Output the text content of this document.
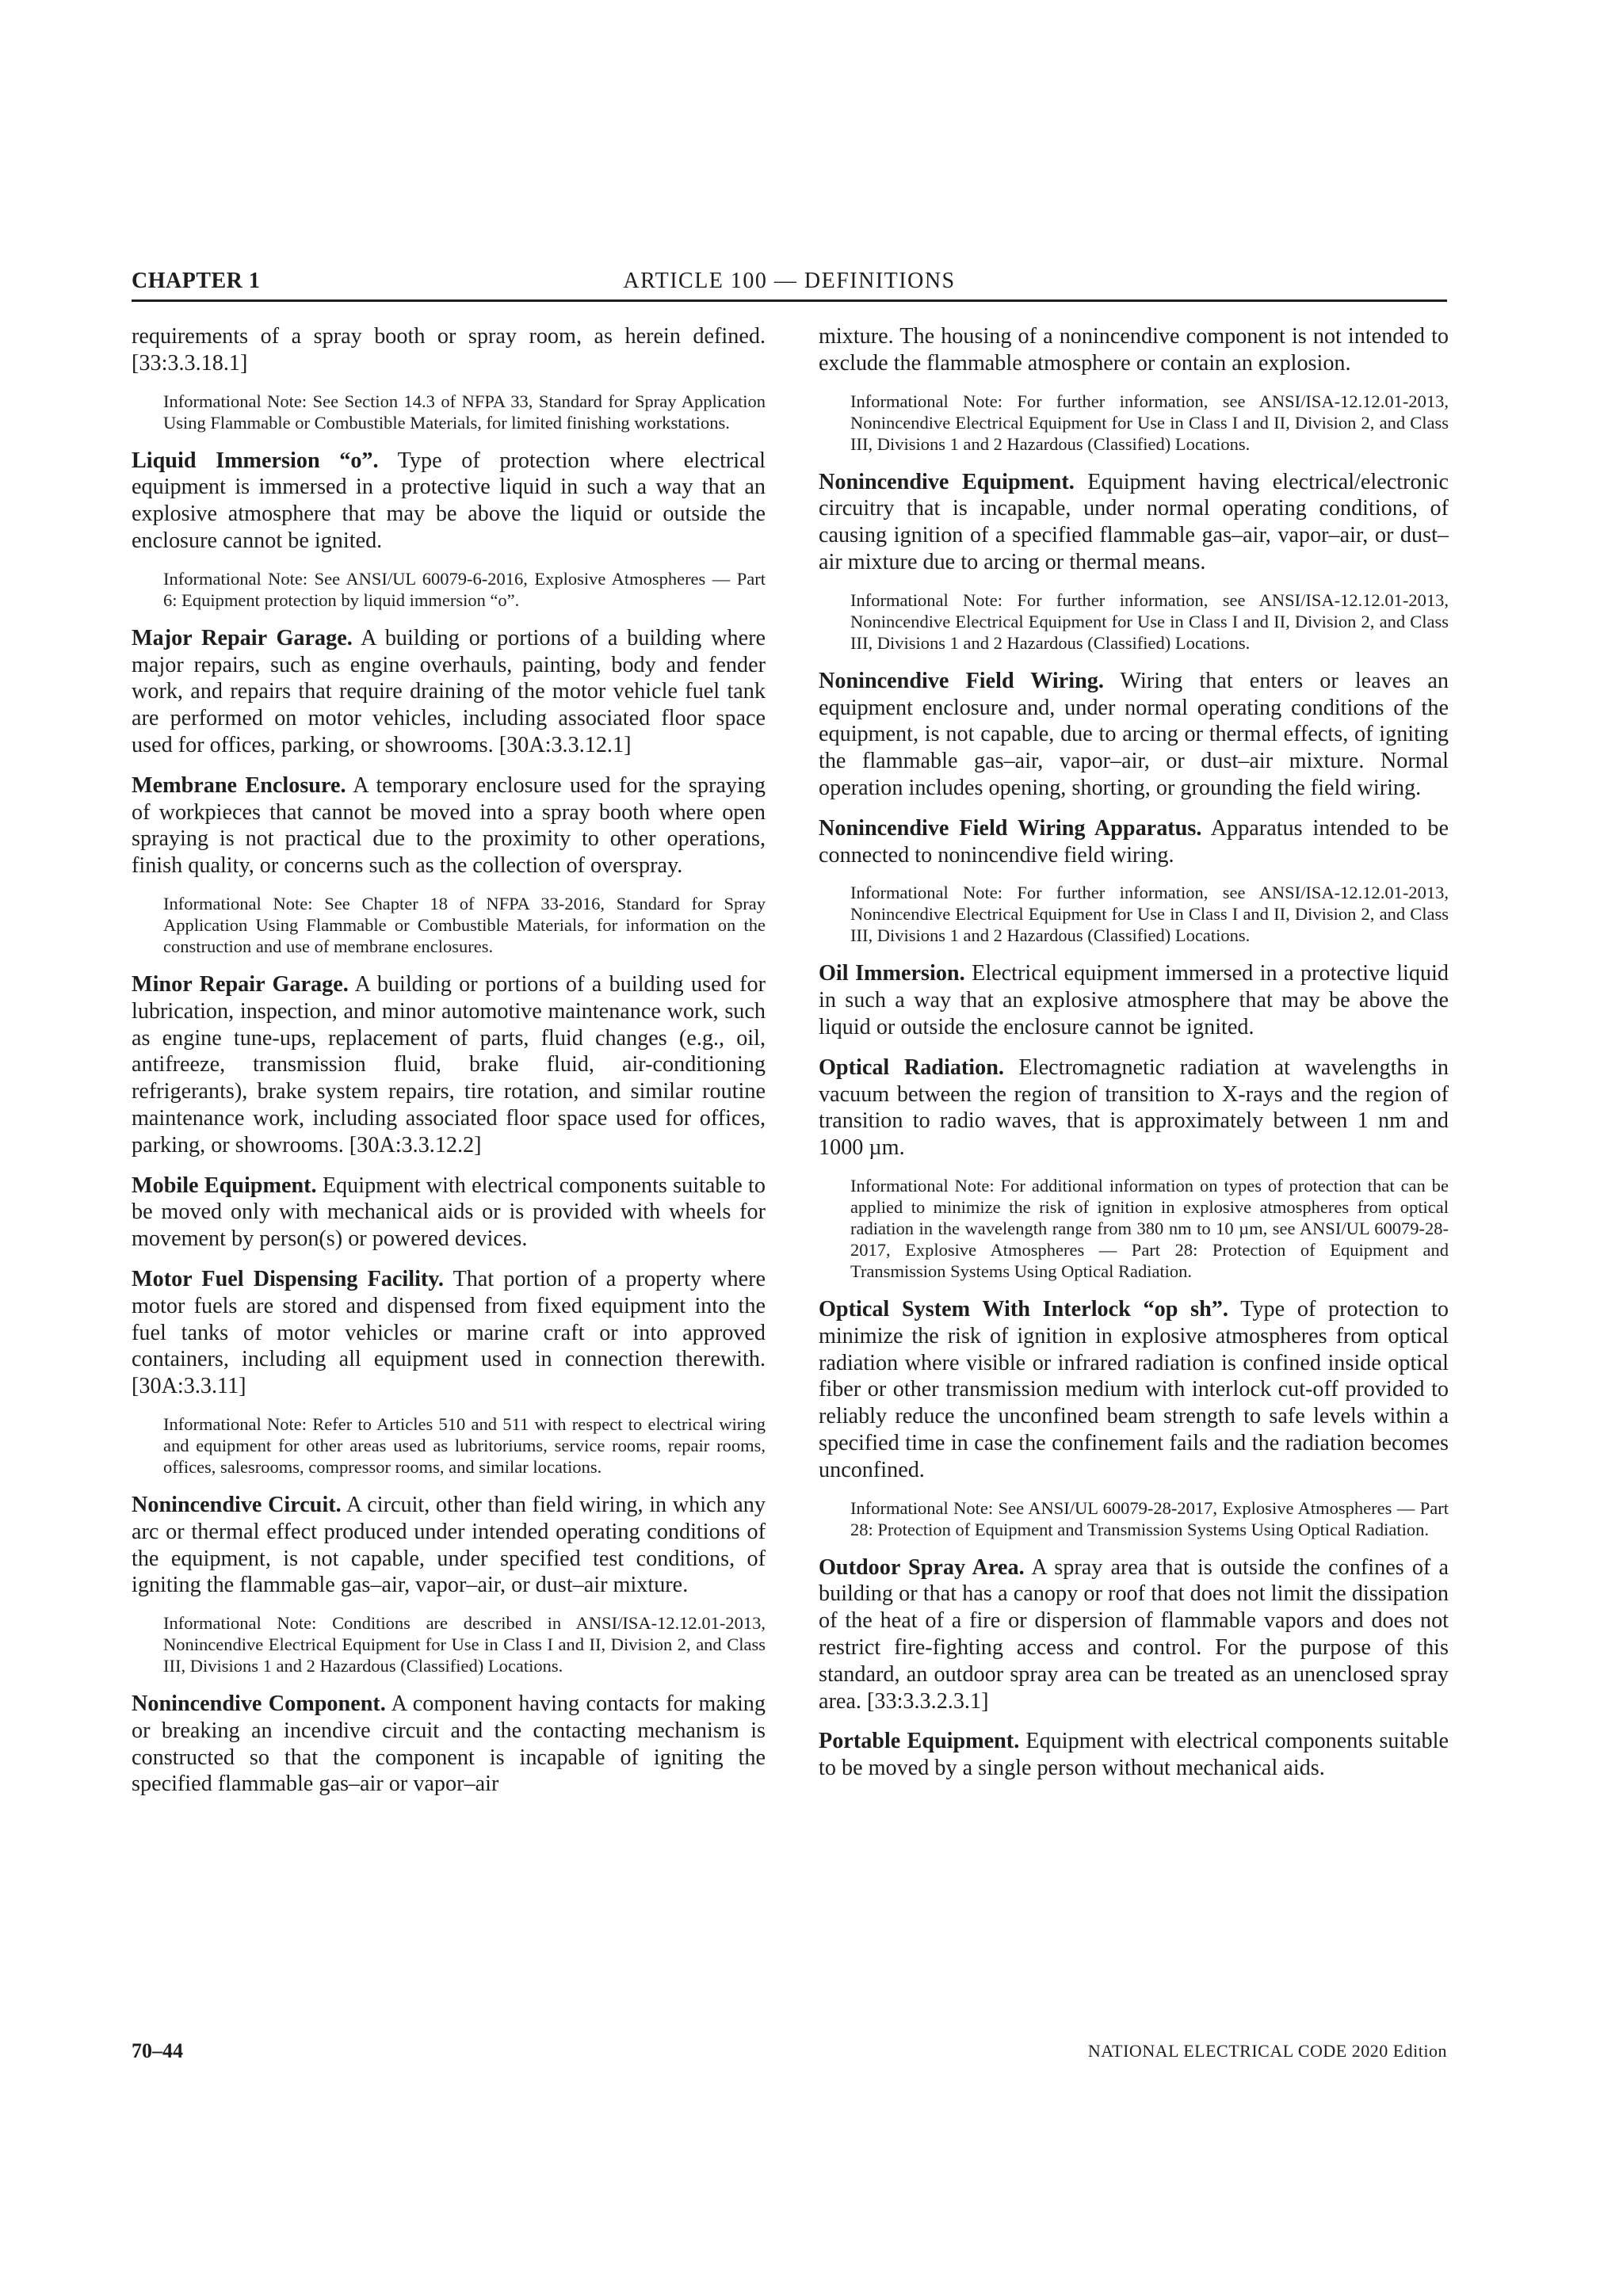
CHAPTER 1	ARTICLE 100 — DEFINITIONS

requirements of a spray booth or spray room, as herein defined. [33:3.3.18.1]

Informational Note: See Section 14.3 of NFPA 33, Standard for Spray Application Using Flammable or Combustible Materials, for limited finishing workstations.

Liquid Immersion “o”. Type of protection where electrical equipment is immersed in a protective liquid in such a way that an explosive atmosphere that may be above the liquid or outside the enclosure cannot be ignited.

Informational Note: See ANSI/UL 60079-6-2016, Explosive Atmospheres — Part 6: Equipment protection by liquid immersion “o”.

Major Repair Garage. A building or portions of a building where major repairs, such as engine overhauls, painting, body and fender work, and repairs that require draining of the motor vehicle fuel tank are performed on motor vehicles, including associated floor space used for offices, parking, or showrooms. [30A:3.3.12.1]

Membrane Enclosure. A temporary enclosure used for the spraying of workpieces that cannot be moved into a spray booth where open spraying is not practical due to the proximity to other operations, finish quality, or concerns such as the collection of overspray.

Informational Note: See Chapter 18 of NFPA 33-2016, Standard for Spray Application Using Flammable or Combustible Materials, for information on the construction and use of membrane enclosures.

Minor Repair Garage. A building or portions of a building used for lubrication, inspection, and minor automotive maintenance work, such as engine tune-ups, replacement of parts, fluid changes (e.g., oil, antifreeze, transmission fluid, brake fluid, air-conditioning refrigerants), brake system repairs, tire rotation, and similar routine maintenance work, including associated floor space used for offices, parking, or showrooms. [30A:3.3.12.2]

Mobile Equipment. Equipment with electrical components suitable to be moved only with mechanical aids or is provided with wheels for movement by person(s) or powered devices.

Motor Fuel Dispensing Facility. That portion of a property where motor fuels are stored and dispensed from fixed equipment into the fuel tanks of motor vehicles or marine craft or into approved containers, including all equipment used in connection therewith. [30A:3.3.11]

Informational Note: Refer to Articles 510 and 511 with respect to electrical wiring and equipment for other areas used as lubritoriums, service rooms, repair rooms, offices, salesrooms, compressor rooms, and similar locations.

Nonincendive Circuit. A circuit, other than field wiring, in which any arc or thermal effect produced under intended operating conditions of the equipment, is not capable, under specified test conditions, of igniting the flammable gas–air, vapor–air, or dust–air mixture.

Informational Note: Conditions are described in ANSI/ISA-12.12.01-2013, Nonincendive Electrical Equipment for Use in Class I and II, Division 2, and Class III, Divisions 1 and 2 Hazardous (Classified) Locations.

Nonincendive Component. A component having contacts for making or breaking an incendive circuit and the contacting mechanism is constructed so that the component is incapable of igniting the specified flammable gas–air or vapor–air

mixture. The housing of a nonincendive component is not intended to exclude the flammable atmosphere or contain an explosion.

Informational Note: For further information, see ANSI/ISA-12.12.01-2013, Nonincendive Electrical Equipment for Use in Class I and II, Division 2, and Class III, Divisions 1 and 2 Hazardous (Classified) Locations.

Nonincendive Equipment. Equipment having electrical/electronic circuitry that is incapable, under normal operating conditions, of causing ignition of a specified flammable gas–air, vapor–air, or dust–air mixture due to arcing or thermal means.

Informational Note: For further information, see ANSI/ISA-12.12.01-2013, Nonincendive Electrical Equipment for Use in Class I and II, Division 2, and Class III, Divisions 1 and 2 Hazardous (Classified) Locations.

Nonincendive Field Wiring. Wiring that enters or leaves an equipment enclosure and, under normal operating conditions of the equipment, is not capable, due to arcing or thermal effects, of igniting the flammable gas–air, vapor–air, or dust–air mixture. Normal operation includes opening, shorting, or grounding the field wiring.

Nonincendive Field Wiring Apparatus. Apparatus intended to be connected to nonincendive field wiring.

Informational Note: For further information, see ANSI/ISA-12.12.01-2013, Nonincendive Electrical Equipment for Use in Class I and II, Division 2, and Class III, Divisions 1 and 2 Hazardous (Classified) Locations.

Oil Immersion. Electrical equipment immersed in a protective liquid in such a way that an explosive atmosphere that may be above the liquid or outside the enclosure cannot be ignited.

Optical Radiation. Electromagnetic radiation at wavelengths in vacuum between the region of transition to X-rays and the region of transition to radio waves, that is approximately between 1 nm and 1000 µm.

Informational Note: For additional information on types of protection that can be applied to minimize the risk of ignition in explosive atmospheres from optical radiation in the wavelength range from 380 nm to 10 µm, see ANSI/UL 60079-28-2017, Explosive Atmospheres — Part 28: Protection of Equipment and Transmission Systems Using Optical Radiation.

Optical System With Interlock “op sh”. Type of protection to minimize the risk of ignition in explosive atmospheres from optical radiation where visible or infrared radiation is confined inside optical fiber or other transmission medium with interlock cut-off provided to reliably reduce the unconfined beam strength to safe levels within a specified time in case the confinement fails and the radiation becomes unconfined.

Informational Note: See ANSI/UL 60079-28-2017, Explosive Atmospheres — Part 28: Protection of Equipment and Transmission Systems Using Optical Radiation.

Outdoor Spray Area. A spray area that is outside the confines of a building or that has a canopy or roof that does not limit the dissipation of the heat of a fire or dispersion of flammable vapors and does not restrict fire-fighting access and control. For the purpose of this standard, an outdoor spray area can be treated as an unenclosed spray area. [33:3.3.2.3.1]

Portable Equipment. Equipment with electrical components suitable to be moved by a single person without mechanical aids.

70–44	NATIONAL ELECTRICAL CODE 2020 Edition
